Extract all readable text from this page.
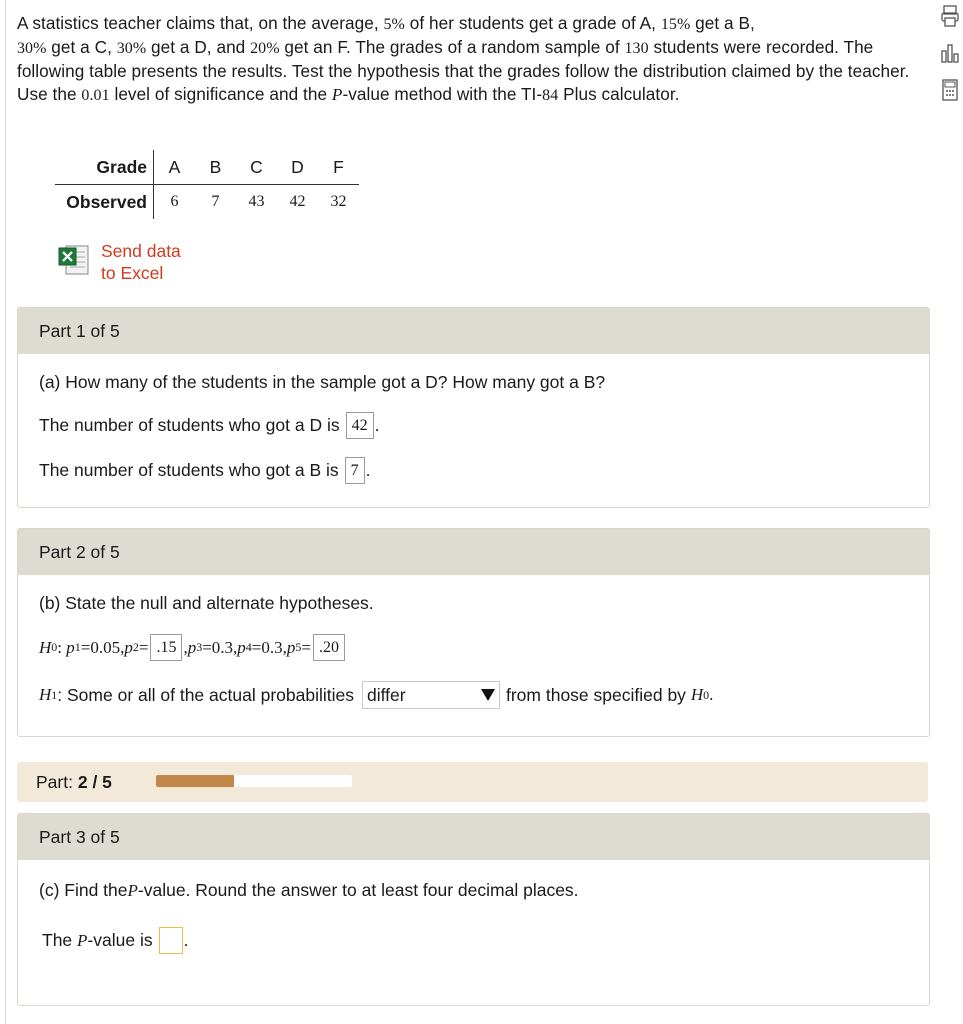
A statistics teacher claims that, on the average, 5% of her students get a grade of A, 15% get a B,
30% get a C, 30% get a D, and 20% get an F. The grades of a random sample of 130 students were recorded. The following table presents the results. Test the hypothesis that the grades follow the distribution claimed by the teacher. Use the 0.01 level of significance and the P-value method with the TI-84 Plus calculator.
Grade	A	B	C	D	F
Observed	6	7	43	42	32
Send data
to Excel
Part 1 of 5
(a) How many of the students in the sample got a D? How many got a B?
The number of students who got a D is 42 .
The number of students who got a B is 7 .
Part 2 of 5
(b) State the null and alternate hypotheses.
H 0 : p 1 =0.05, p 2 = .15 , p 3 =0.3, p 4 =0.3, p 5 = .20
H 1 : Some or all of the actual probabilities differ	from those specified by
H 0 .
Part: 2 / 5
Part 3 of 5
(c) Find the P -value. Round the answer to at least four decimal places.
The
P -value is .
